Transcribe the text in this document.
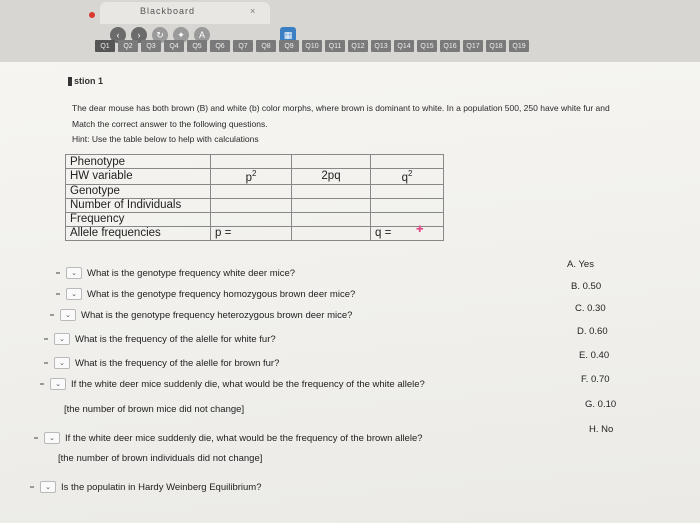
Blackboard	×
‹	›	↻	✦	A	▦
Q1	Q2	Q3	Q4	Q5	Q6	Q7	Q8	Q9	Q10	Q11	Q12	Q13	Q14	Q15	Q16	Q17	Q18	Q19
stion 1
The dear mouse has both brown (B) and white (b) color morphs, where brown is dominant to white. In a population 500, 250 have white fur and
Match the correct answer to the following questions.
Hint: Use the table below to help with calculations
Phenotype			
HW variable	$p^2$	2pq	$q^2$
Genotype			
Number of Individuals			
Frequency			
Allele frequencies	p =		q =	✚
⌄ What is the genotype frequency white deer mice?
⌄ What is the genotype frequency homozygous brown deer mice?
⌄ What is the genotype frequency heterozygous brown deer mice?
⌄ What is the frequency of the alelle for white fur?
⌄ What is the frequency of the alelle for brown fur?
⌄ If the white deer mice suddenly die, what would be the frequency of the white allele?
[the number of brown mice did not change]
⌄ If the white deer mice suddenly die, what would be the frequency of the brown allele?
[the number of brown individuals did not change]
⌄ Is the populatin in Hardy Weinberg Equilibrium?
A. Yes
B. 0.50
C. 0.30
D. 0.60
E. 0.40
F. 0.70
G. 0.10
H. No
